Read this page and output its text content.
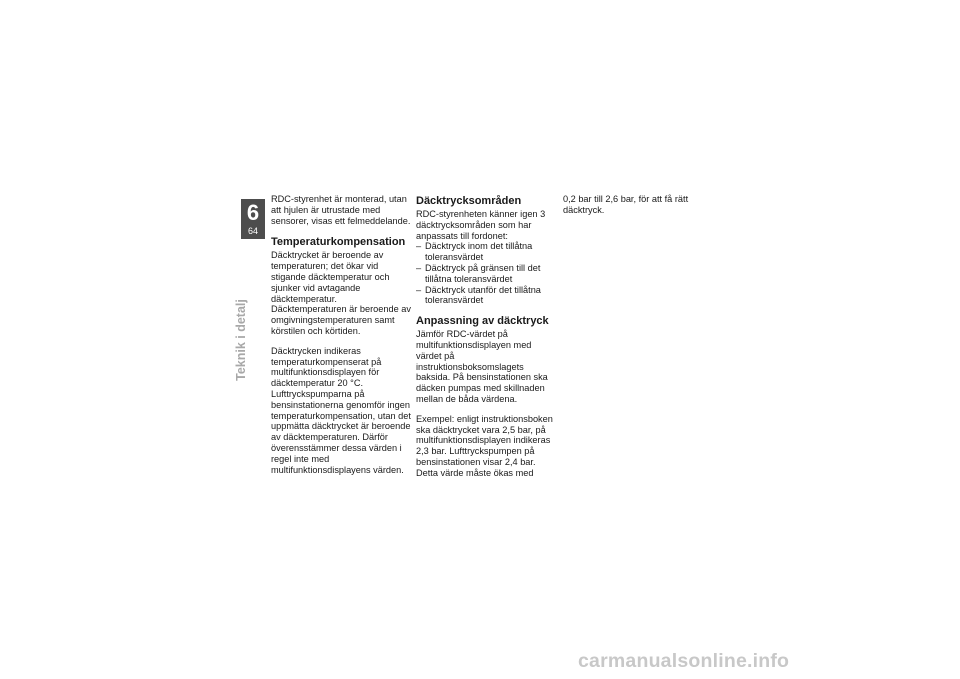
6
64
Teknik i detalj

RDC-styrenhet är monterad, utan att hjulen är utrustade med sensorer, visas ett felmeddelande.

Temperaturkompensation

Däcktrycket är beroende av temperaturen; det ökar vid stigande däcktemperatur och sjunker vid avtagande däcktemperatur. Däcktemperaturen är beroende av omgivningstemperaturen samt körstilen och körtiden.

Däcktrycken indikeras temperaturkompenserat på multifunktionsdisplayen för däcktemperatur 20 °C. Lufttryckspumparna på bensinstationerna genomför ingen temperaturkompensation, utan det uppmätta däcktrycket är beroende av däcktemperaturen. Därför överensstämmer dessa värden i regel inte med multifunktionsdisplayens värden.

Däcktrycksområden

RDC-styrenheten känner igen 3 däcktrycksområden som har anpassats till fordonet:

– Däcktryck inom det tillåtna toleransvärdet
– Däcktryck på gränsen till det tillåtna toleransvärdet
– Däcktryck utanför det tillåtna toleransvärdet
Anpassning av däcktryck

Jämför RDC-värdet på multifunktionsdisplayen med värdet på instruktionsboksomslagets baksida. På bensinstationen ska däcken pumpas med skillnaden mellan de båda värdena.

Exempel: enligt instruktionsboken ska däcktrycket vara 2,5 bar, på multifunktionsdisplayen indikeras 2,3 bar. Lufttryckspumpen på bensinstationen visar 2,4 bar. Detta värde måste ökas med

0,2 bar till 2,6 bar, för att få rätt däcktryck.

carmanualsonline.info
